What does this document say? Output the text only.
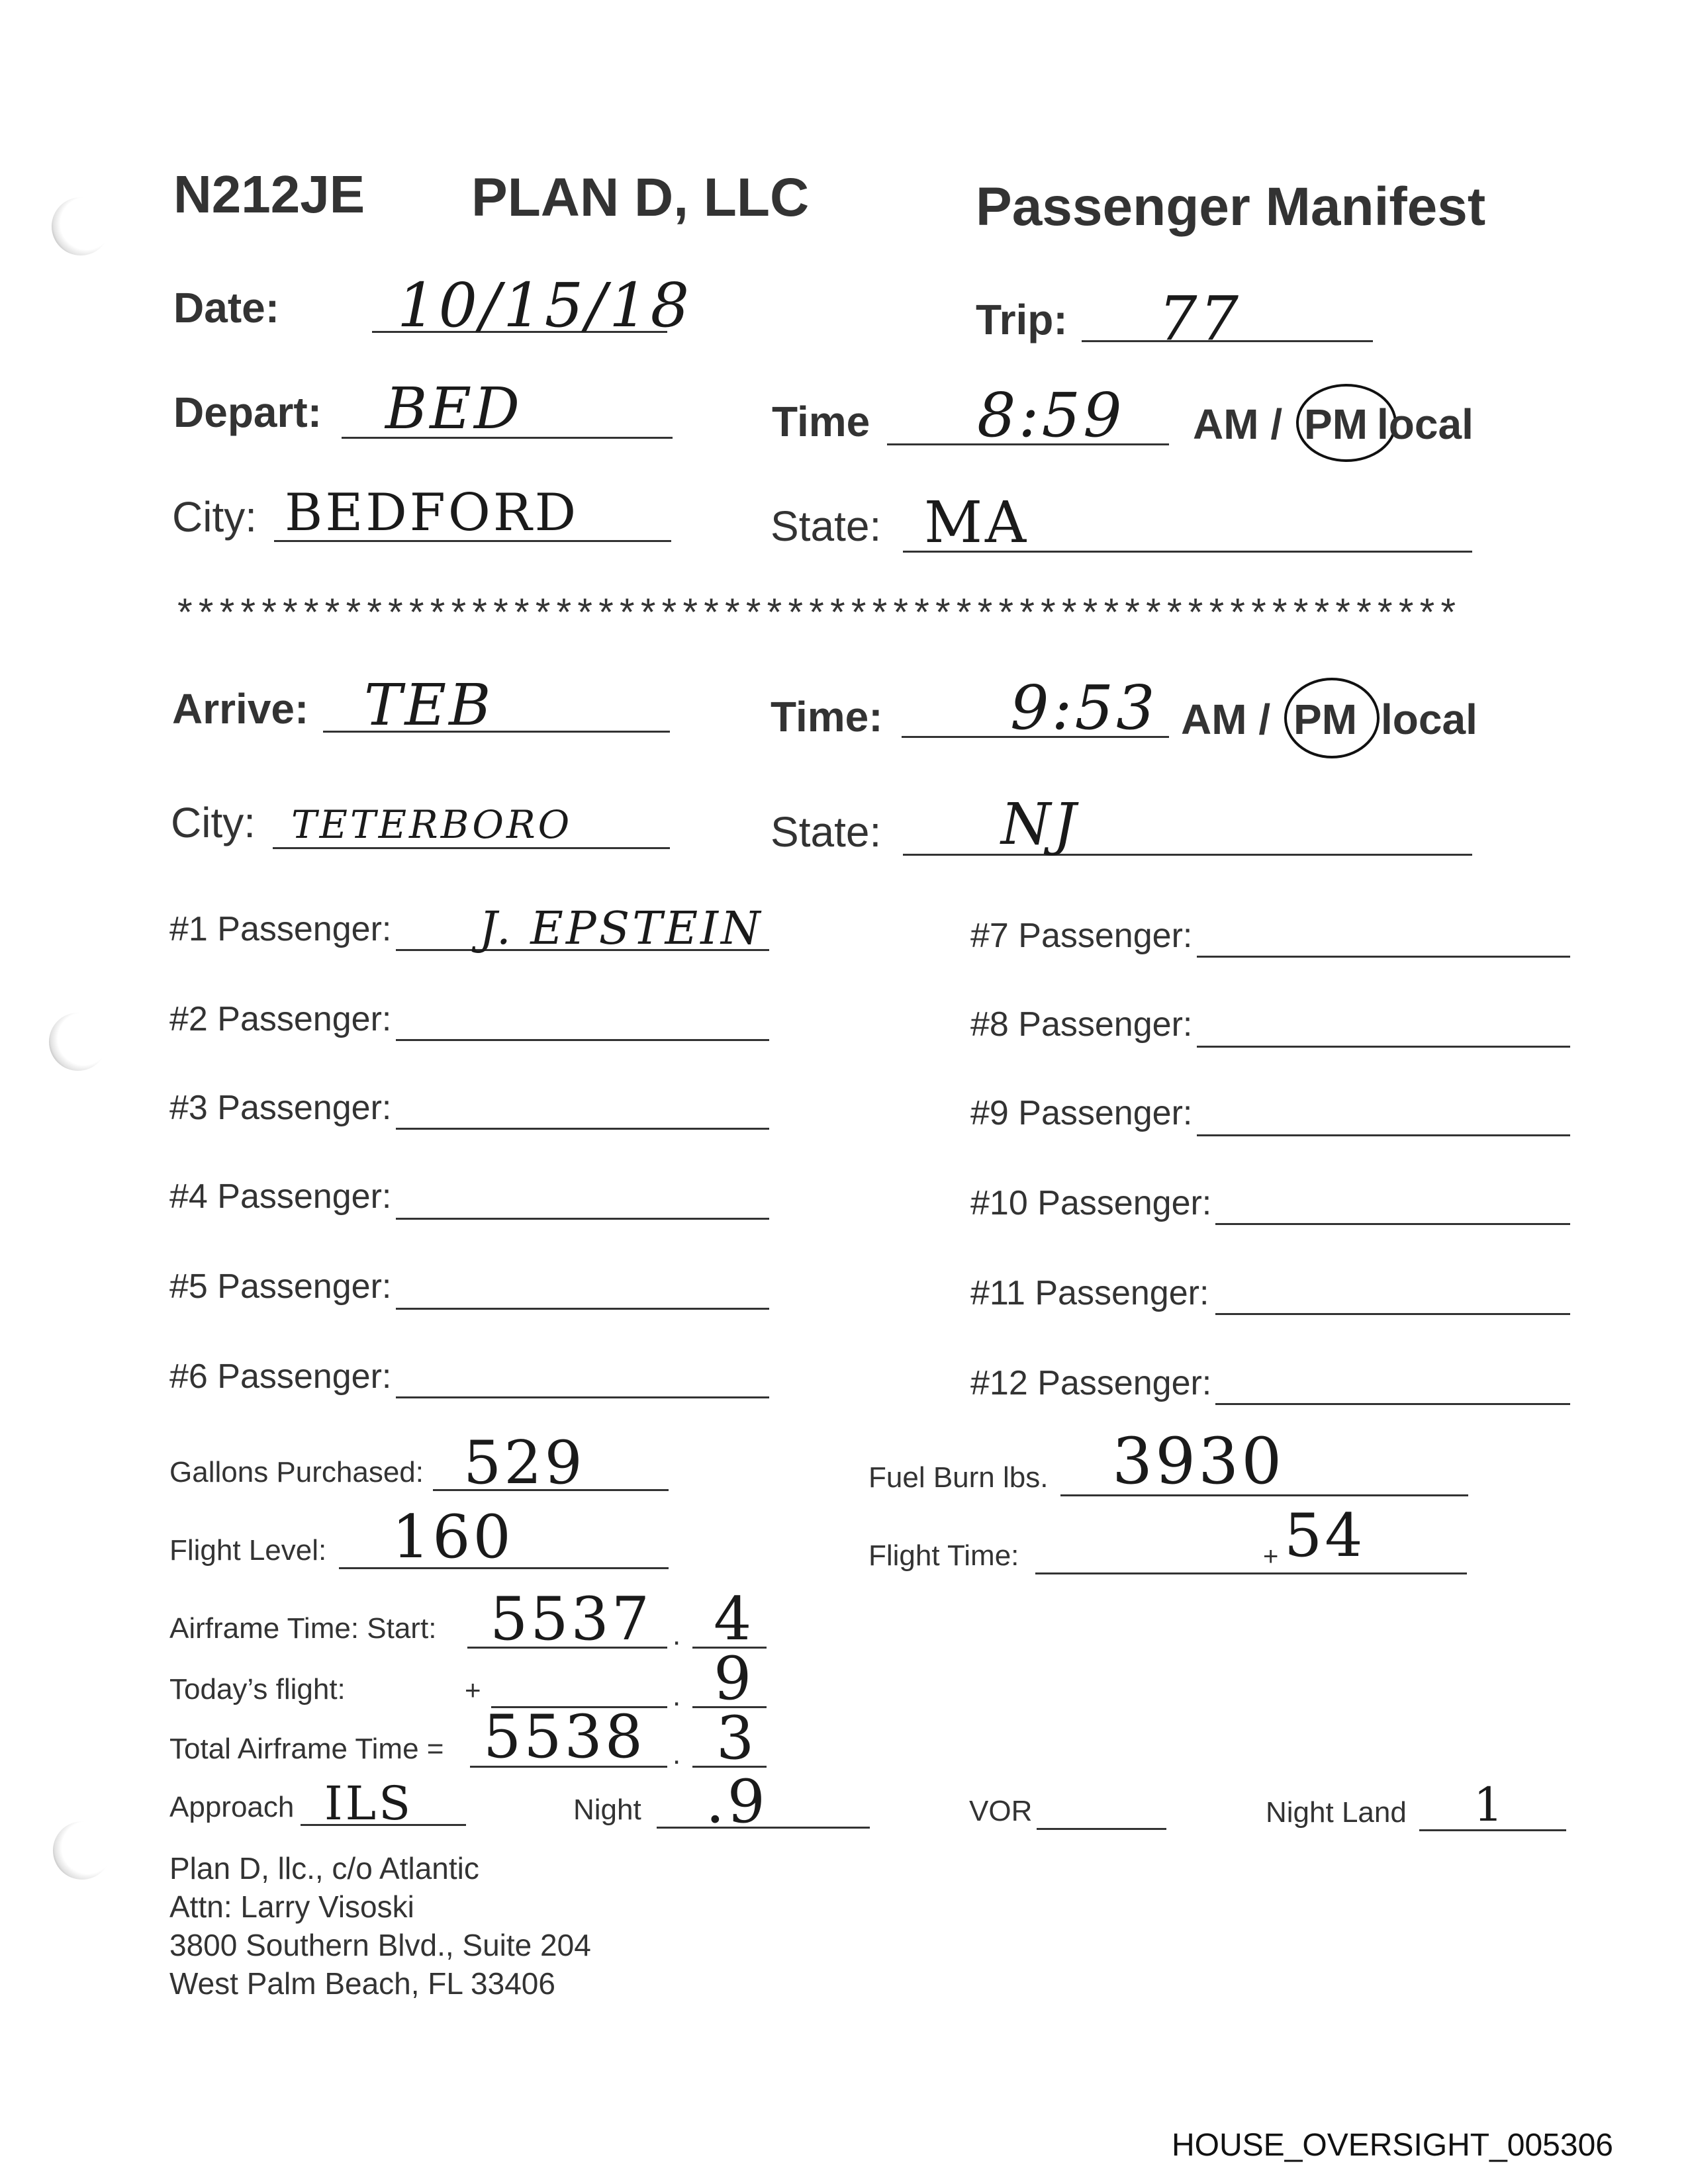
N212JE PLAN D, LLC	Passenger Manifest
Date: 10/15/18	Trip: 77
Depart: BED	Time 8:59 AM / PM local
City: BEDFORD	State: MA
*************************************************************
Arrive: TEB	Time: 9:53 AM / PM local
City: TETERBORO	State: NJ
#1 Passenger: J. EPSTEIN
#2 Passenger:
#3 Passenger:
#4 Passenger:
#5 Passenger:
#6 Passenger:
#7 Passenger:
#8 Passenger:
#9 Passenger:
#10 Passenger:
#11 Passenger:
#12 Passenger:
Gallons Purchased: 529	Fuel Burn lbs. 3930
Flight Level: 160	Flight Time:	+ 54
Airframe Time: Start: 5537 . 4
Today’s flight:	+	. 9
Total Airframe Time = 5538 . 3
Approach ILS	Night .9	VOR	Night Land 1
Plan D, llc., c/o Atlantic
Attn: Larry Visoski
3800 Southern Blvd., Suite 204
West Palm Beach, FL 33406
HOUSE_OVERSIGHT_005306
